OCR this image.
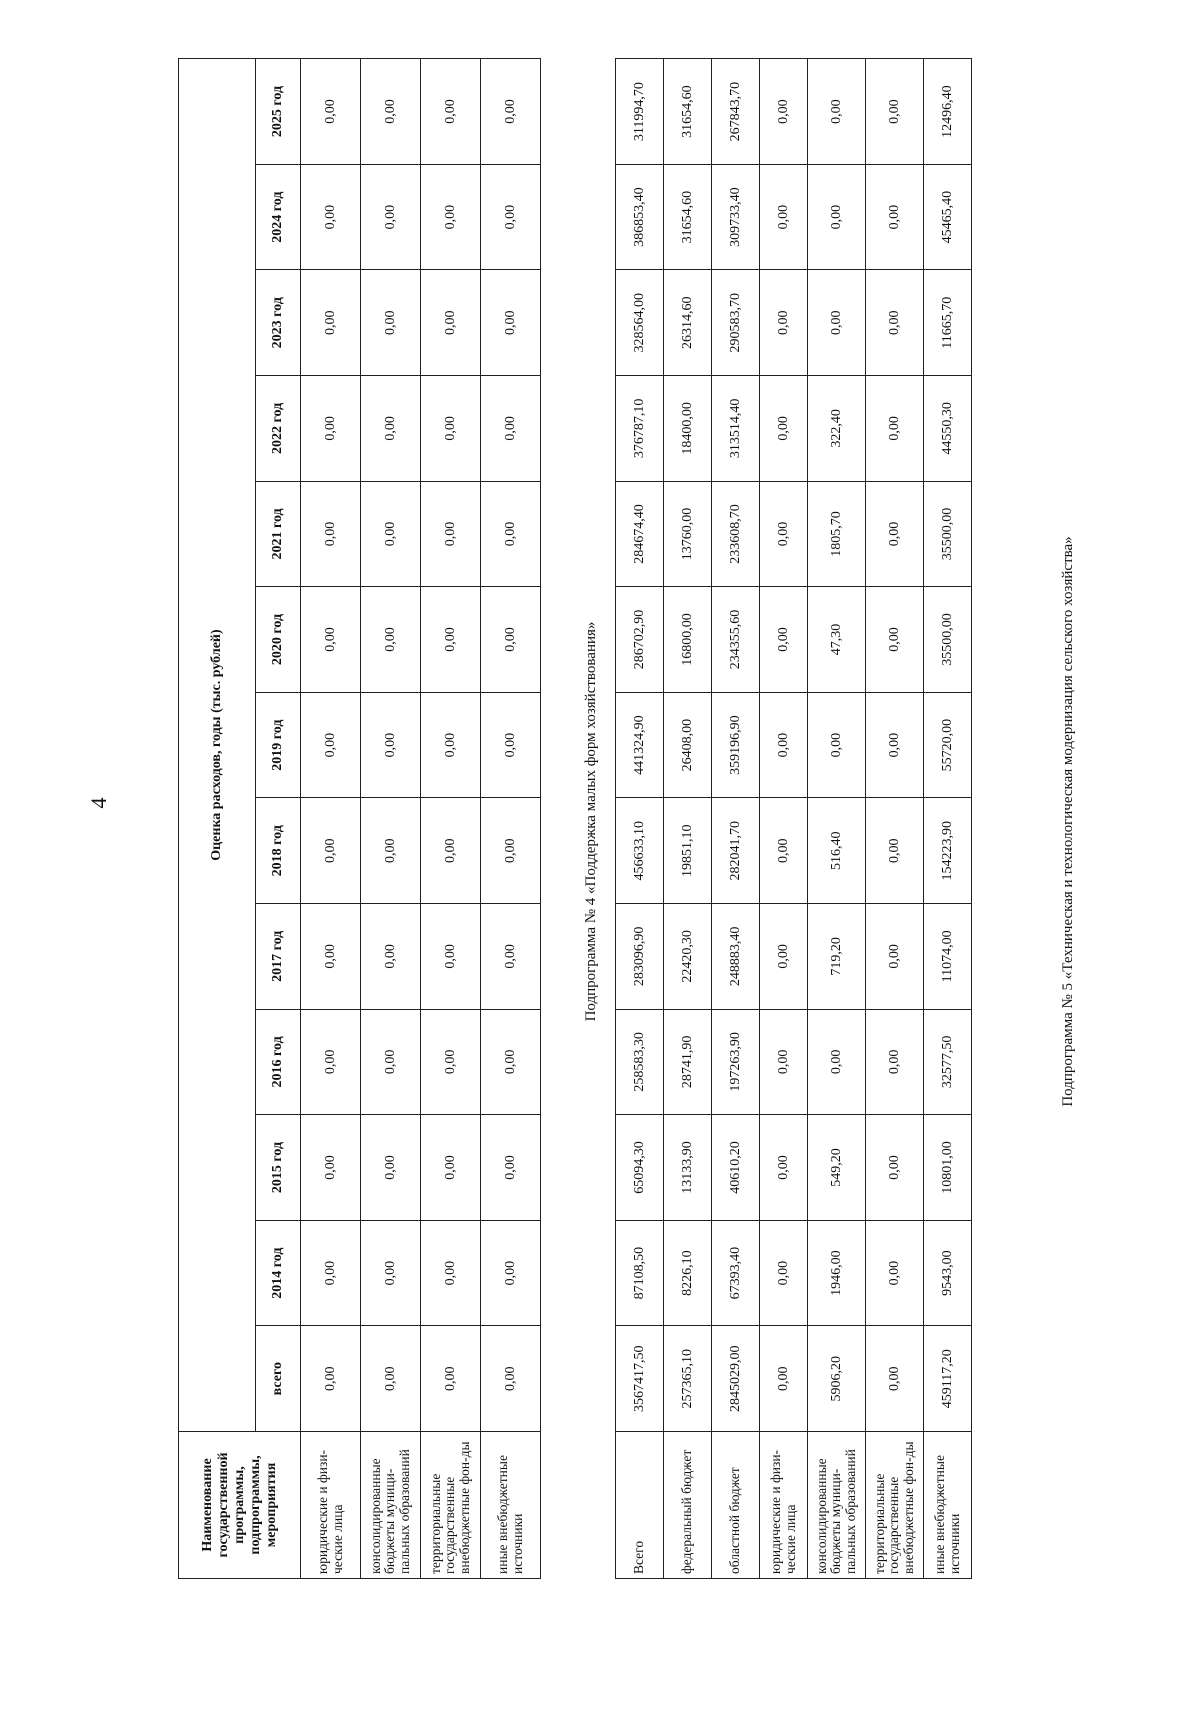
4
Наименование государственной программы, подпрограммы, мероприятия	Оценка расходов, годы (тыс. рублей)												
	всего	2014 год	2015 год	2016 год	2017 год	2018 год	2019 год	2020 год	2021 год	2022 год	2023 год	2024 год	2025 год
юридические и физи-ческие лица	0,00	0,00	0,00	0,00	0,00	0,00	0,00	0,00	0,00	0,00	0,00	0,00	0,00
консолидированные бюджеты муници-пальных образований	0,00	0,00	0,00	0,00	0,00	0,00	0,00	0,00	0,00	0,00	0,00	0,00	0,00
территориальные государственные внебюджетные фон-ды	0,00	0,00	0,00	0,00	0,00	0,00	0,00	0,00	0,00	0,00	0,00	0,00	0,00
иные внебюджетные источники	0,00	0,00	0,00	0,00	0,00	0,00	0,00	0,00	0,00	0,00	0,00	0,00	0,00
Подпрограмма № 4 «Поддержка малых форм хозяйствования»
Всего	3567417,50	87108,50	65094,30	258583,30	283096,90	456633,10	441324,90	286702,90	284674,40	376787,10	328564,00	386853,40	311994,70
федеральный бюджет	257365,10	8226,10	13133,90	28741,90	22420,30	19851,10	26408,00	16800,00	13760,00	18400,00	26314,60	31654,60	31654,60
областной бюджет	2845029,00	67393,40	40610,20	197263,90	248883,40	282041,70	359196,90	234355,60	233608,70	313514,40	290583,70	309733,40	267843,70
юридические и физи-ческие лица	0,00	0,00	0,00	0,00	0,00	0,00	0,00	0,00	0,00	0,00	0,00	0,00	0,00
консолидированные бюджеты муници-пальных образований	5906,20	1946,00	549,20	0,00	719,20	516,40	0,00	47,30	1805,70	322,40	0,00	0,00	0,00
территориальные государственные внебюджетные фон-ды	0,00	0,00	0,00	0,00	0,00	0,00	0,00	0,00	0,00	0,00	0,00	0,00	0,00
иные внебюджетные источники	459117,20	9543,00	10801,00	32577,50	11074,00	154223,90	55720,00	35500,00	35500,00	44550,30	11665,70	45465,40	12496,40
Подпрограмма № 5 «Техническая и технологическая модернизация сельского хозяйства»
